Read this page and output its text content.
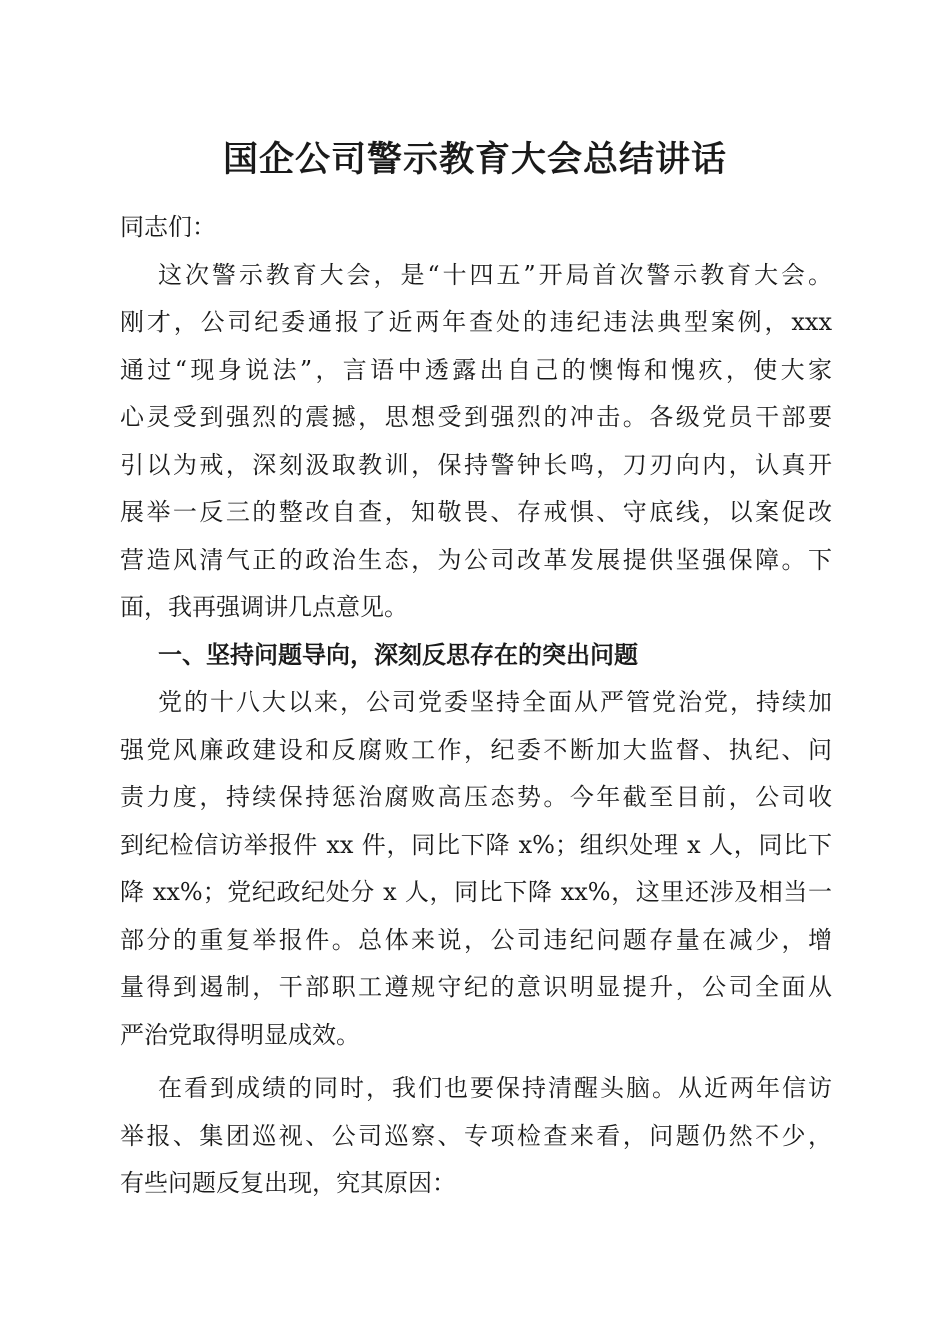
国企公司警示教育大会总结讲话
同志们：
这次警示教育大会，是“十四五”开局首次警示教育大会。
刚才，公司纪委通报了近两年查处的违纪违法典型案例，xxx
通过“现身说法”，言语中透露出自己的懊悔和愧疚，使大家
心灵受到强烈的震撼，思想受到强烈的冲击。各级党员干部要
引以为戒，深刻汲取教训，保持警钟长鸣，刀刃向内，认真开
展举一反三的整改自查，知敬畏、存戒惧、守底线，以案促改
营造风清气正的政治生态，为公司改革发展提供坚强保障。下
面，我再强调讲几点意见。
一、坚持问题导向，深刻反思存在的突出问题
党的十八大以来，公司党委坚持全面从严管党治党，持续加
强党风廉政建设和反腐败工作，纪委不断加大监督、执纪、问
责力度，持续保持惩治腐败高压态势。今年截至目前，公司收
到纪检信访举报件 xx 件，同比下降 x%；组织处理 x 人，同比下
降 xx%；党纪政纪处分 x 人，同比下降 xx%，这里还涉及相当一
部分的重复举报件。总体来说，公司违纪问题存量在减少，增
量得到遏制，干部职工遵规守纪的意识明显提升，公司全面从
严治党取得明显成效。
在看到成绩的同时，我们也要保持清醒头脑。从近两年信访
举报、集团巡视、公司巡察、专项检查来看，问题仍然不少，
有些问题反复出现，究其原因：
